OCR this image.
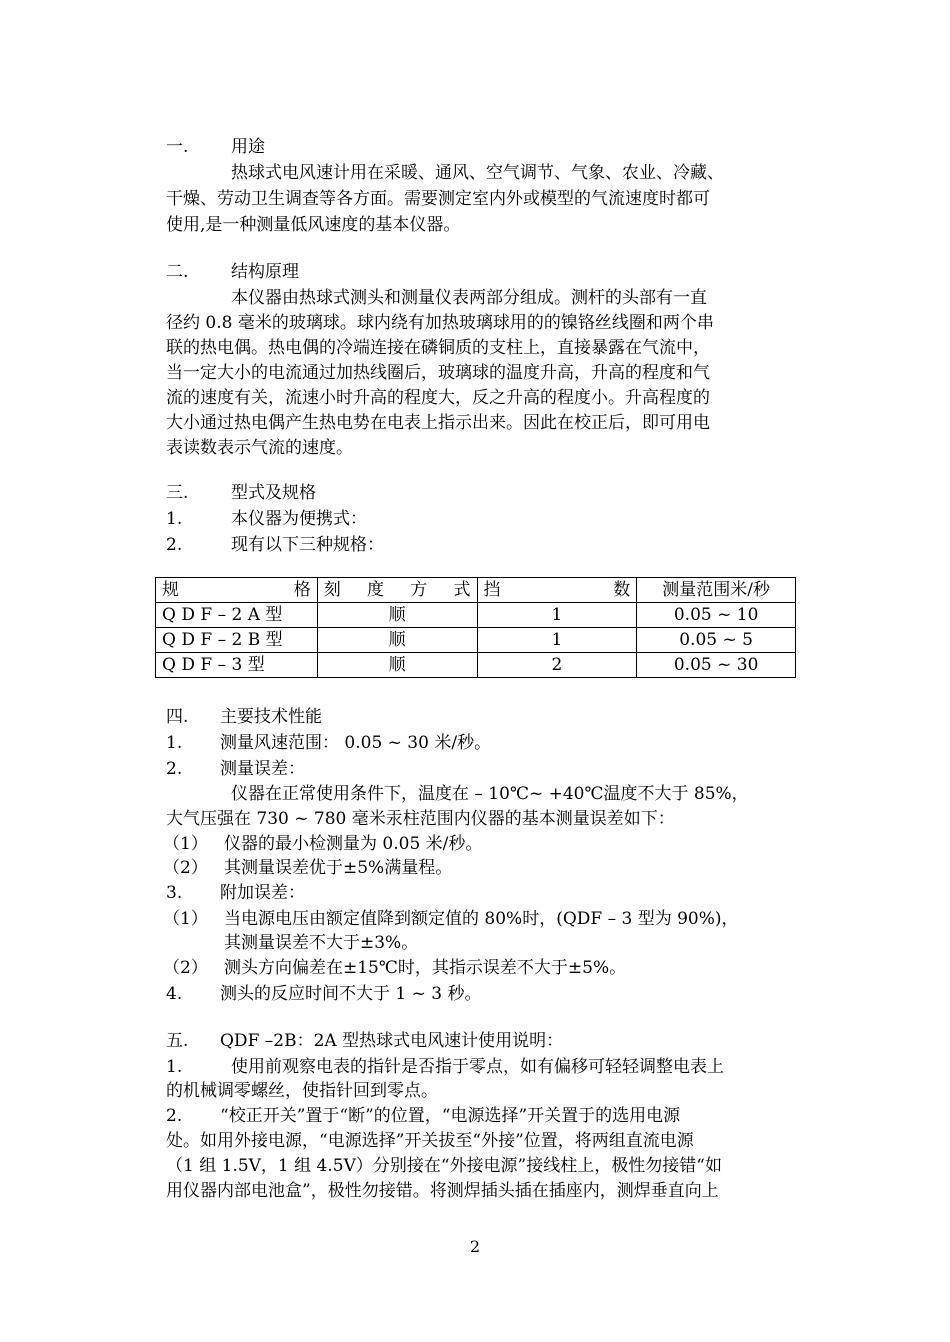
一.	用途
热球式电风速计用在采暖、通风、空气调节、气象、农业、冷藏、
干燥、劳动卫生调查等各方面。需要测定室内外或模型的气流速度时都可
使用,是一种测量低风速度的基本仪器。
二.	结构原理
本仪器由热球式测头和测量仪表两部分组成。测杆的头部有一直
径约 0.8 毫米的玻璃球。球内绕有加热玻璃球用的的镍铬丝线圈和两个串
联的热电偶。热电偶的冷端连接在磷铜质的支柱上，直接暴露在气流中，
当一定大小的电流通过加热线圈后，玻璃球的温度升高，升高的程度和气
流的速度有关，流速小时升高的程度大，反之升高的程度小。升高程度的
大小通过热电偶产生热电势在电表上指示出来。因此在校正后，即可用电
表读数表示气流的速度。
三.	型式及规格
1.	本仪器为便携式：
2.	现有以下三种规格：
规 格	刻 度 方 式	挡 数	测量范围米/秒
Q D F – 2 A 型	顺	1	0.05 ~ 10
Q D F – 2 B 型	顺	1	0.05 ~ 5
Q D F – 3 型	顺	2	0.05 ~ 30
四. 主要技术性能
1. 测量风速范围： 0.05 ~ 30 米/秒。
2. 测量误差：
仪器在正常使用条件下，温度在 – 10℃~ +40℃温度不大于 85%，
大气压强在 730 ~ 780 毫米汞柱范围内仪器的基本测量误差如下：
（1） 仪器的最小检测量为 0.05 米/秒。
（2） 其测量误差优于±5%满量程。
3. 附加误差：
（1） 当电源电压由额定值降到额定值的 80%时，(QDF – 3 型为 90%)，
其测量误差不大于±3%。
（2） 测头方向偏差在±15℃时，其指示误差不大于±5%。
4. 测头的反应时间不大于 1 ~ 3 秒。
五. QDF –2B：2A 型热球式电风速计使用说明：
1.	使用前观察电表的指针是否指于零点，如有偏移可轻轻调整电表上
的机械调零螺丝，使指针回到零点。
2. “校正开关”置于“断”的位置，“电源选择”开关置于的选用电源
处。如用外接电源，“电源选择”开关拔至“外接”位置，将两组直流电源
（1 组 1.5V，1 组 4.5V）分别接在“外接电源”接线柱上，极性勿接错“如
用仪器内部电池盒”，极性勿接错。将测焊插头插在插座内，测焊垂直向上
2
